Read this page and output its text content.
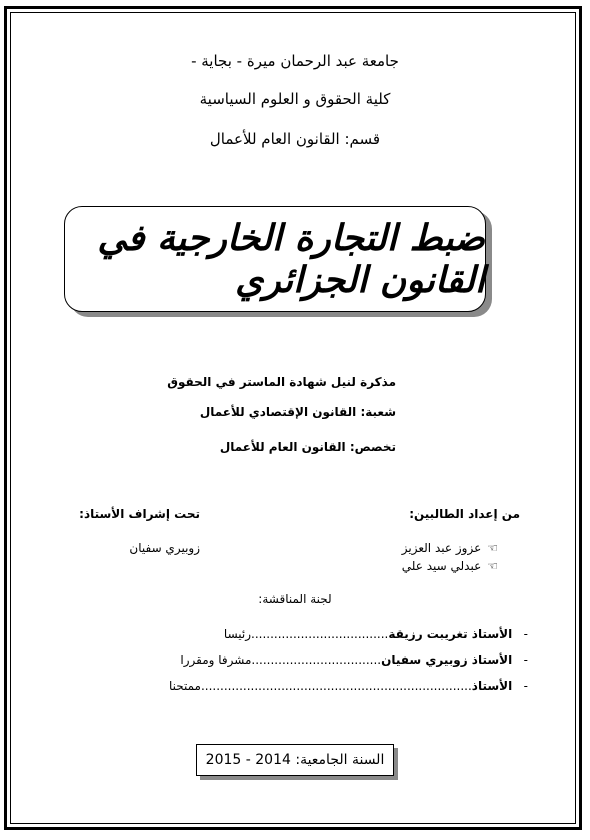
جامعة عبد الرحمان ميرة - بجاية -
كلية الحقوق و العلوم السياسية
قسم: القانون العام للأعمال
ضبط التجارة الخارجية في القانون الجزائري
مذكرة لنيل شهادة الماستر في الحقوق
شعبة: القانون الإقتصادي للأعمال
تخصص: القانون العام للأعمال
من إعداد الطالبين:
تحت إشراف الأستاذ:
☜عزوز عبد العزيز
☜عبدلي سيد علي
زوبيري سفيان
لجنة المناقشة:
-   الأستاذ تغريبت رزيقة....................................رئيسا
-   الأستاذ زوبيري سفيان..................................مشرفا ومقررا
-   الأستاذ.......................................................................ممتحنا
السنة الجامعية: 2014 - 2015
